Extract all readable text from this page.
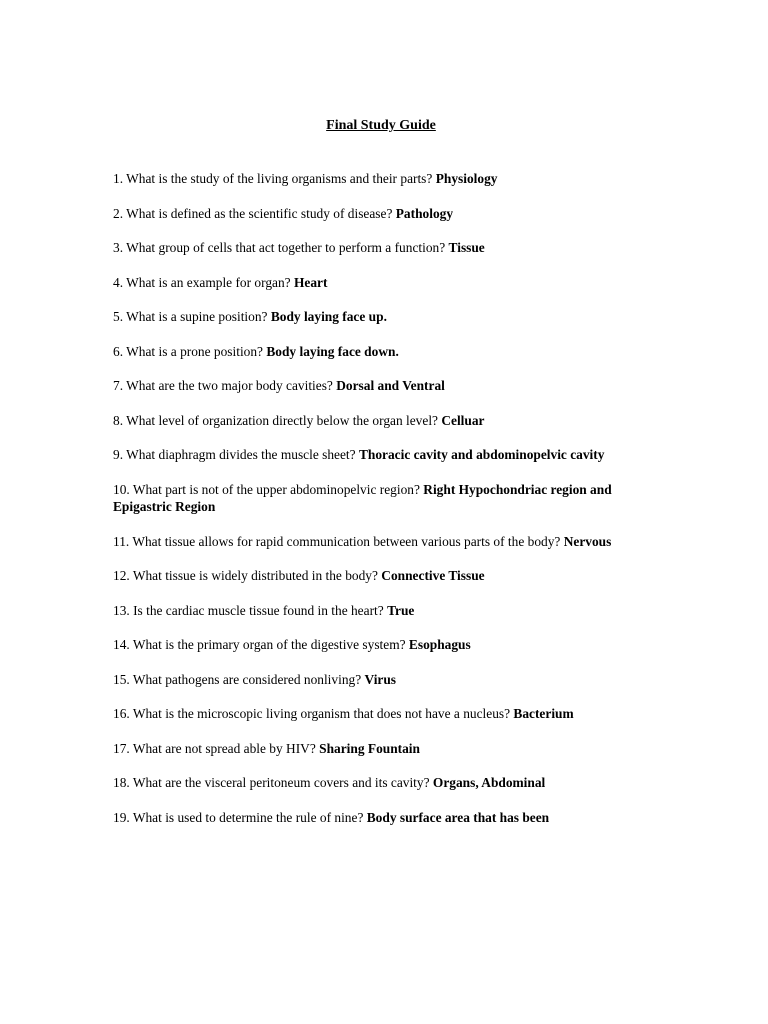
Final Study Guide
1. What is the study of the living organisms and their parts? Physiology
2. What is defined as the scientific study of disease? Pathology
3. What group of cells that act together to perform a function? Tissue
4. What is an example for organ? Heart
5. What is a supine position? Body laying face up.
6. What is a prone position? Body laying face down.
7. What are the two major body cavities? Dorsal and Ventral
8. What level of organization directly below the organ level? Celluar
9. What diaphragm divides the muscle sheet? Thoracic cavity and abdominopelvic cavity
10. What part is not of the upper abdominopelvic region? Right Hypochondriac region and Epigastric Region
11. What tissue allows for rapid communication between various parts of the body? Nervous
12. What tissue is widely distributed in the body? Connective Tissue
13. Is the cardiac muscle tissue found in the heart? True
14. What is the primary organ of the digestive system? Esophagus
15. What pathogens are considered nonliving? Virus
16. What is the microscopic living organism that does not have a nucleus? Bacterium
17. What are not spread able by HIV? Sharing Fountain
18. What are the visceral peritoneum covers and its cavity? Organs, Abdominal
19. What is used to determine the rule of nine? Body surface area that has been
